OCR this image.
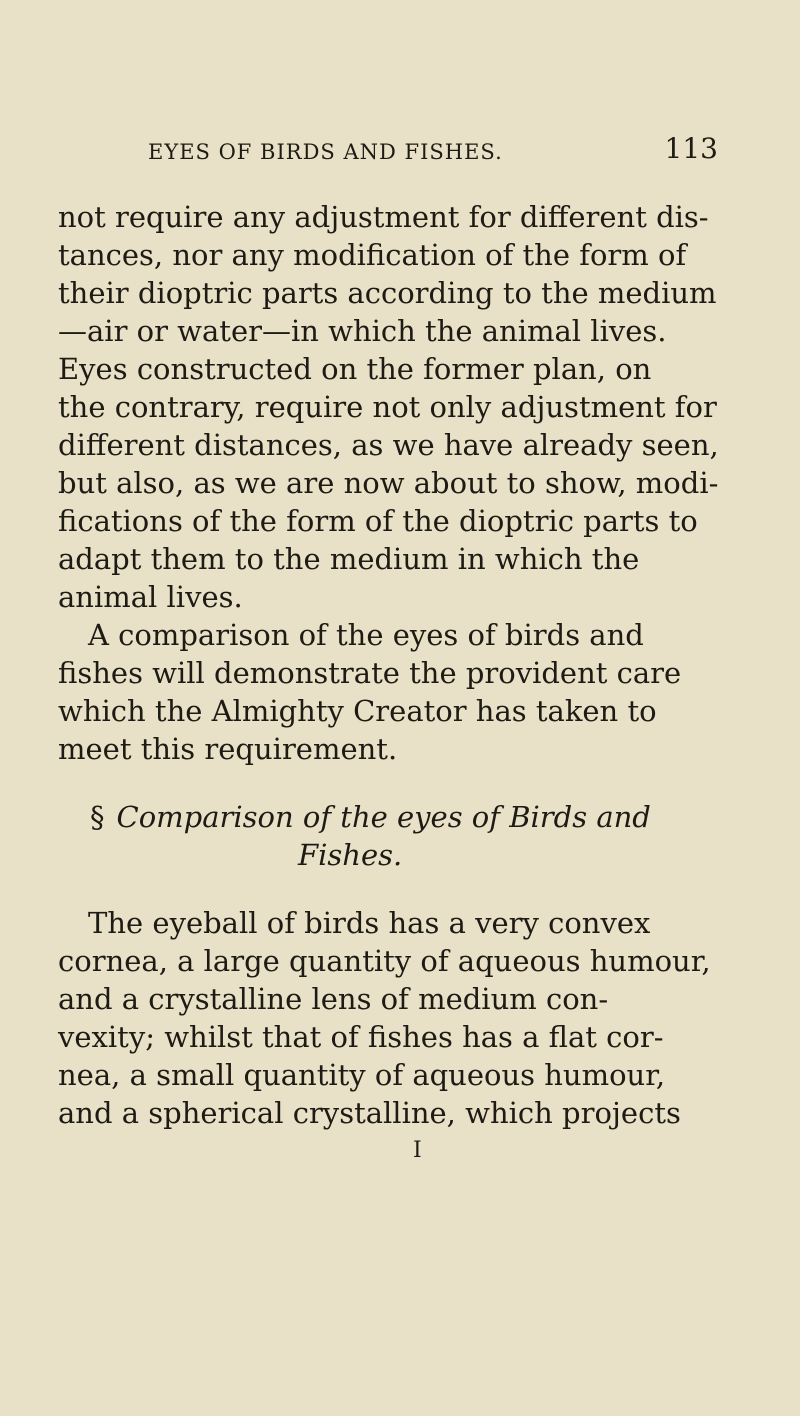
EYES OF BIRDS AND FISHES.	113
not require any adjustment for different dis-
tances, nor any modification of the form of
their dioptric parts according to the medium
—air or water—in which the animal lives.
Eyes constructed on the former plan, on
the contrary, require not only adjustment for
different distances, as we have already seen,
but also, as we are now about to show, modi-
fications of the form of the dioptric parts to
adapt them to the medium in which the
animal lives.
A comparison of the eyes of birds and
fishes will demonstrate the provident care
which the Almighty Creator has taken to
meet this requirement.
§ Comparison of the eyes of Birds and
Fishes.
The eyeball of birds has a very convex
cornea, a large quantity of aqueous humour,
and a crystalline lens of medium con-
vexity; whilst that of fishes has a flat cor-
nea, a small quantity of aqueous humour,
and a spherical crystalline, which projects
I
